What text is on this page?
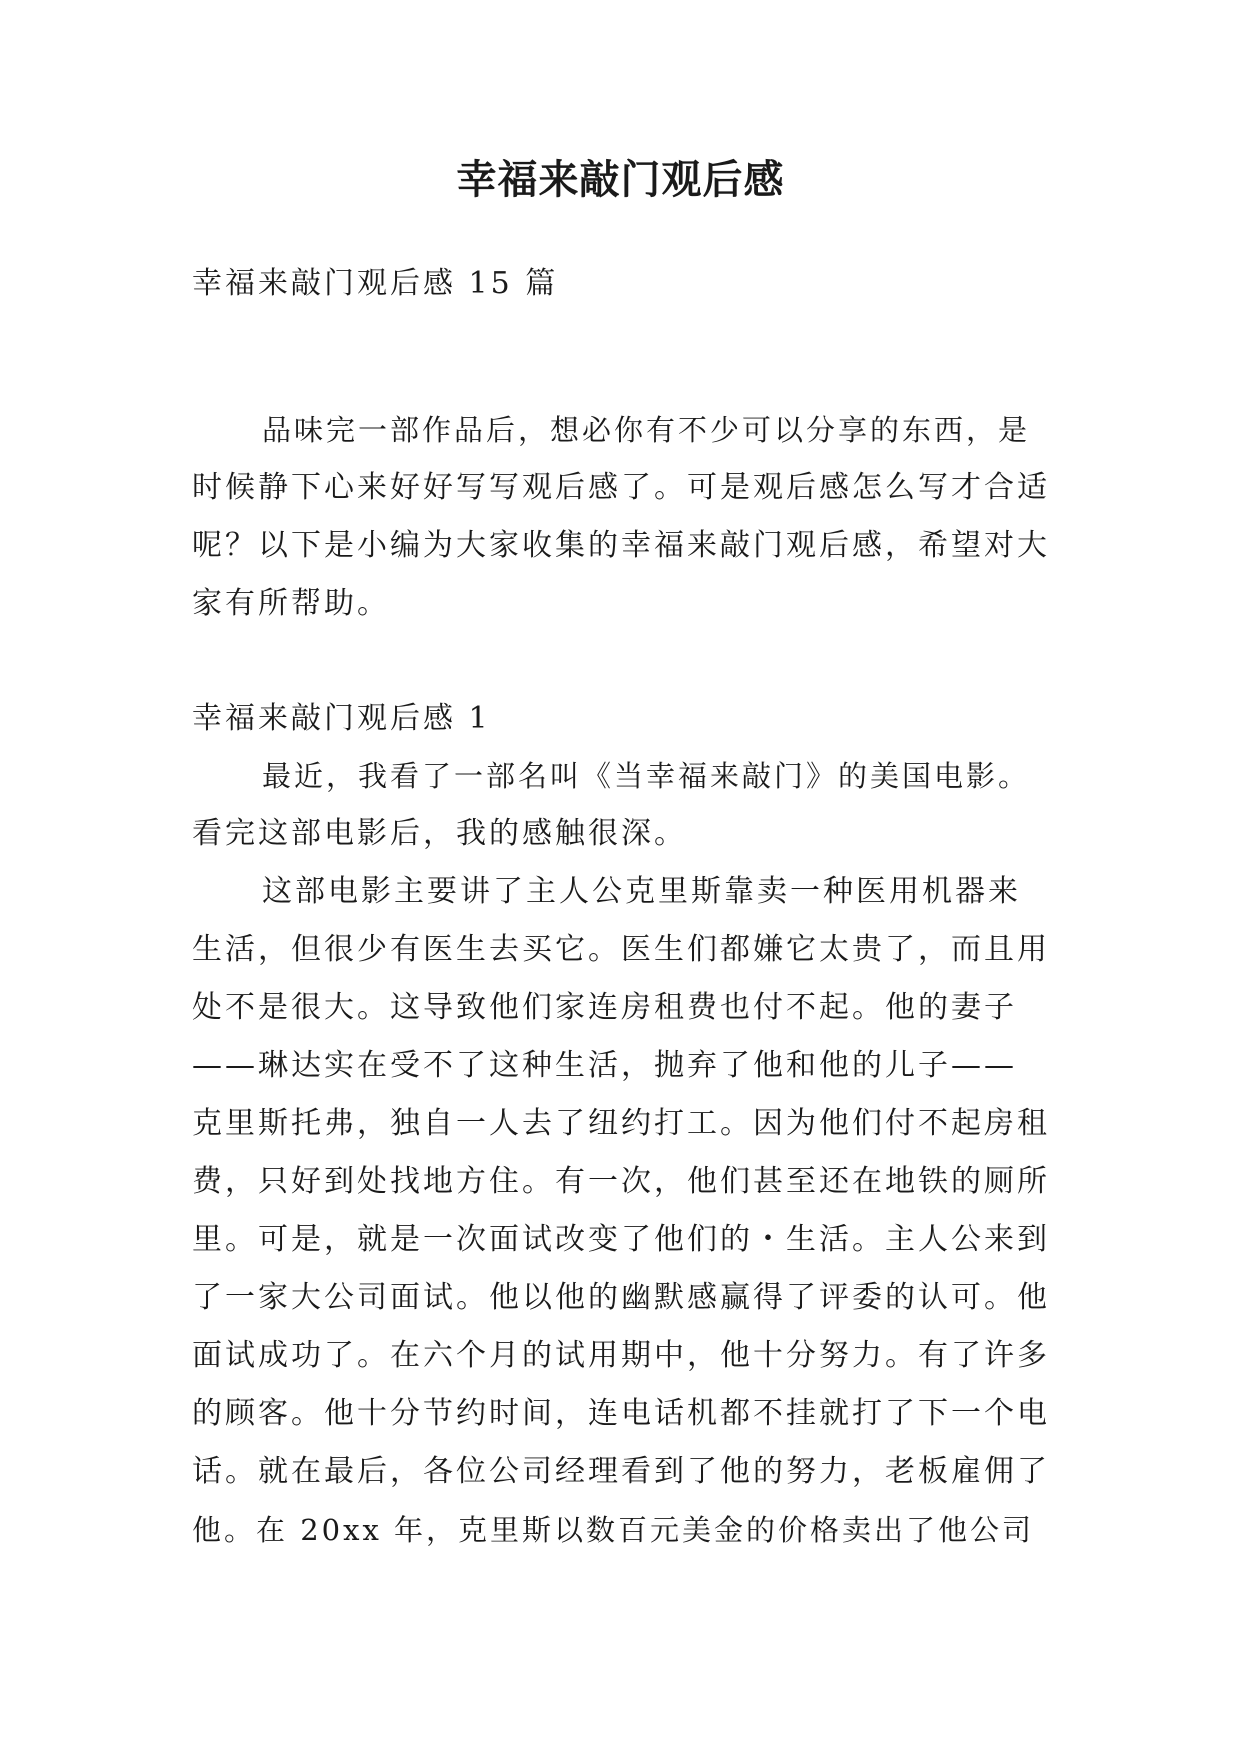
幸福来敲门观后感

幸福来敲门观后感 15 篇

品味完一部作品后，想必你有不少可以分享的东西，是

时候静下心来好好写写观后感了。可是观后感怎么写才合适

呢？以下是小编为大家收集的幸福来敲门观后感，希望对大

家有所帮助。

幸福来敲门观后感 1

最近，我看了一部名叫《当幸福来敲门》的美国电影。

看完这部电影后，我的感触很深。

这部电影主要讲了主人公克里斯靠卖一种医用机器来

生活，但很少有医生去买它。医生们都嫌它太贵了，而且用

处不是很大。这导致他们家连房租费也付不起。他的妻子

——琳达实在受不了这种生活，抛弃了他和他的儿子——

克里斯托弗，独自一人去了纽约打工。因为他们付不起房租

费，只好到处找地方住。有一次，他们甚至还在地铁的厕所

里。可是，就是一次面试改变了他们的・生活。主人公来到

了一家大公司面试。他以他的幽默感赢得了评委的认可。他

面试成功了。在六个月的试用期中，他十分努力。有了许多

的顾客。他十分节约时间，连电话机都不挂就打了下一个电

话。就在最后，各位公司经理看到了他的努力，老板雇佣了

他。在 20xx 年，克里斯以数百元美金的价格卖出了他公司
